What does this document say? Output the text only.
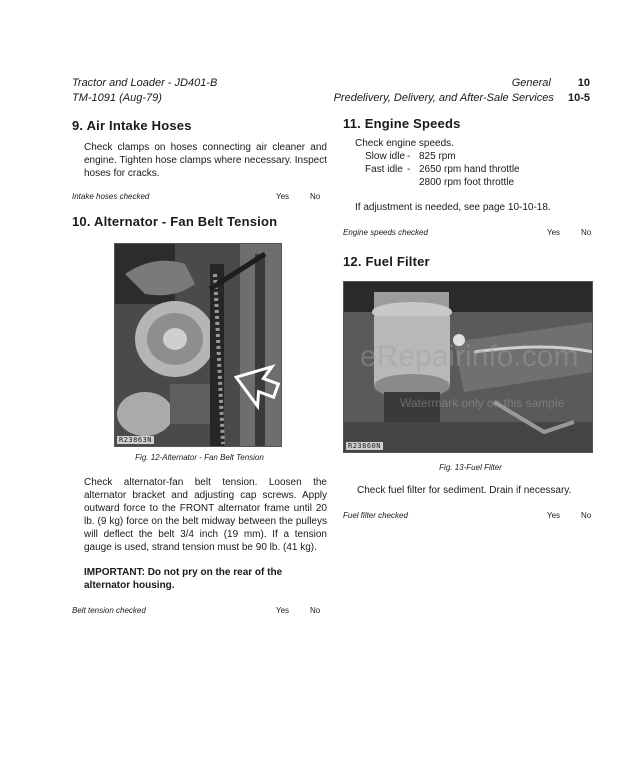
Tractor and Loader - JD401-B
TM-1091 (Aug-79)
General 10
Predelivery, Delivery, and After-Sale Services 10-5
9. Air Intake Hoses

Check clamps on hoses connecting air cleaner and engine. Tighten hose clamps where necessary. Inspect hoses for cracks.

Intake hoses checked	Yes	No
10. Alternator - Fan Belt Tension
R23863N
Fig. 12-Alternator - Fan Belt Tension

Check alternator-fan belt tension. Loosen the alternator bracket and adjusting cap screws. Apply outward force to the FRONT alternator frame until 20 lb. (9 kg) force on the belt midway between the pulleys will deflect the belt 3/4 inch (19 mm). If a tension gauge is used, strand tension must be 90 lb. (41 kg).

IMPORTANT: Do not pry on the rear of the alternator housing.

Belt tension checked	Yes	No
11. Engine Speeds

Check engine speeds.

Slow idle - 825 rpm
Fast idle - 2650 rpm hand throttle
2800 rpm foot throttle

If adjustment is needed, see page 10-10-18.

Engine speeds checked	Yes	No
12. Fuel Filter
R23860N
Fig. 13-Fuel Filter

Check fuel filter for sediment. Drain if necessary.

Fuel filter checked	Yes	No
eRepairinfo.com
Watermark only on this sample
